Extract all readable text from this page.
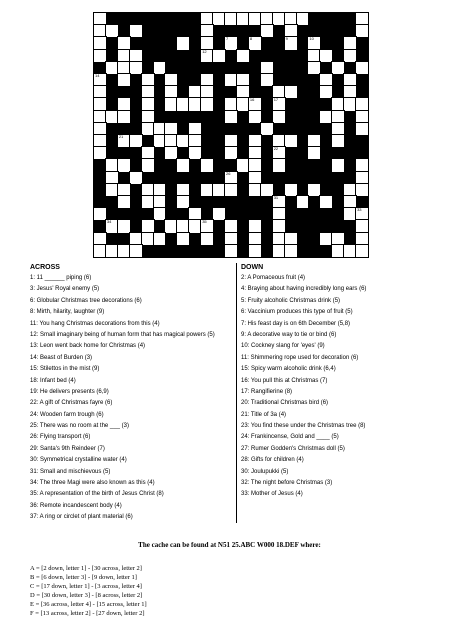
7	8	9	10
12
14
16	17
21
22
26
31
33
34	35
ACROSS
1: 11 ______ piping (6)
3: Jesus' Royal enemy (5)
6: Globular Christmas tree decorations (6)
8: Mirth, hilarity, laughter (9)
11: You hang Christmas decorations from this (4)
12: Small imaginary being of human form that has magical powers (5)
13: Leon went back home for Christmas (4)
14: Beast of Burden (3)
15: Stilettos in the mist (9)
18: Infant bed (4)
19: He delivers presents (6,9)
22: A gift of Christmas fayre (6)
24: Wooden farm trough (6)
25: There was no room at the ___ (3)
26: Flying transport (6)
29: Santa's 9th Reindeer (7)
30: Symmetrical crystalline water (4)
31: Small and mischievous (5)
34: The three Magi were also known as this (4)
35: A representation of the birth of Jesus Christ (8)
36: Remote incandescent body (4)
37: A ring or circlet of plant material (6)
DOWN
2: A Pomaceous fruit (4)
4: Braying about having incredibly long ears (6)
5: Fruity alcoholic Christmas drink (5)
6: Vaccinium produces this type of fruit (5)
7: His feast day is on 6th December (5,8)
9: A decorative way to tie or bind (6)
10: Cockney slang for 'eyes' (9)
11: Shimmering rope used for decoration (6)
15: Spicy warm alcoholic drink (6,4)
16: You pull this at Christmas (7)
17: Rangifierine (8)
20: Traditional Christmas bird (6)
21: Title of 3a (4)
23: You find these under the Christmas tree (8)
24: Frankincense, Gold and ____ (5)
27: Rumer Godden's Christmas doll (5)
28: Gifts for children (4)
30: Joulupukki (5)
32: The night before Christmas (3)
33: Mother of Jesus (4)
The cache can be found at N51 25.ABC W000 18.DEF where:
A = [2 down, letter 1] - [30 across, letter 2]
B = [6 down, letter 3] - [9 down, letter 1]
C = [17 down, letter 1] - [3 across, letter 4]
D = [30 down, letter 3] - [8 across, letter 2]
E = [36 across, letter 4] - [15 across, letter 1]
F = [13 across, letter 2] - [27 down, letter 2]
